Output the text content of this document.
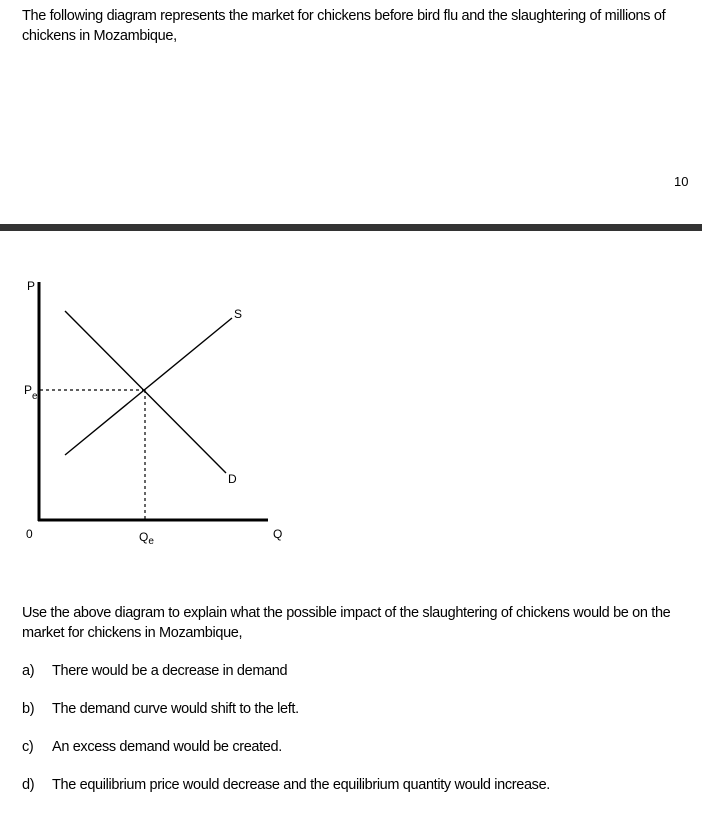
The following diagram represents the market for chickens before bird flu and the slaughtering of millions of chickens in Mozambique,
10
P
$P_e$
0	$Q_e$
Q
S
D
Use the above diagram to explain what the possible impact of the slaughtering of chickens would be on the market for chickens in Mozambique,
a) There would be a decrease in demand
b) The demand curve would shift to the left.
c) An excess demand would be created.
d) The equilibrium price would decrease and the equilibrium quantity would increase.
